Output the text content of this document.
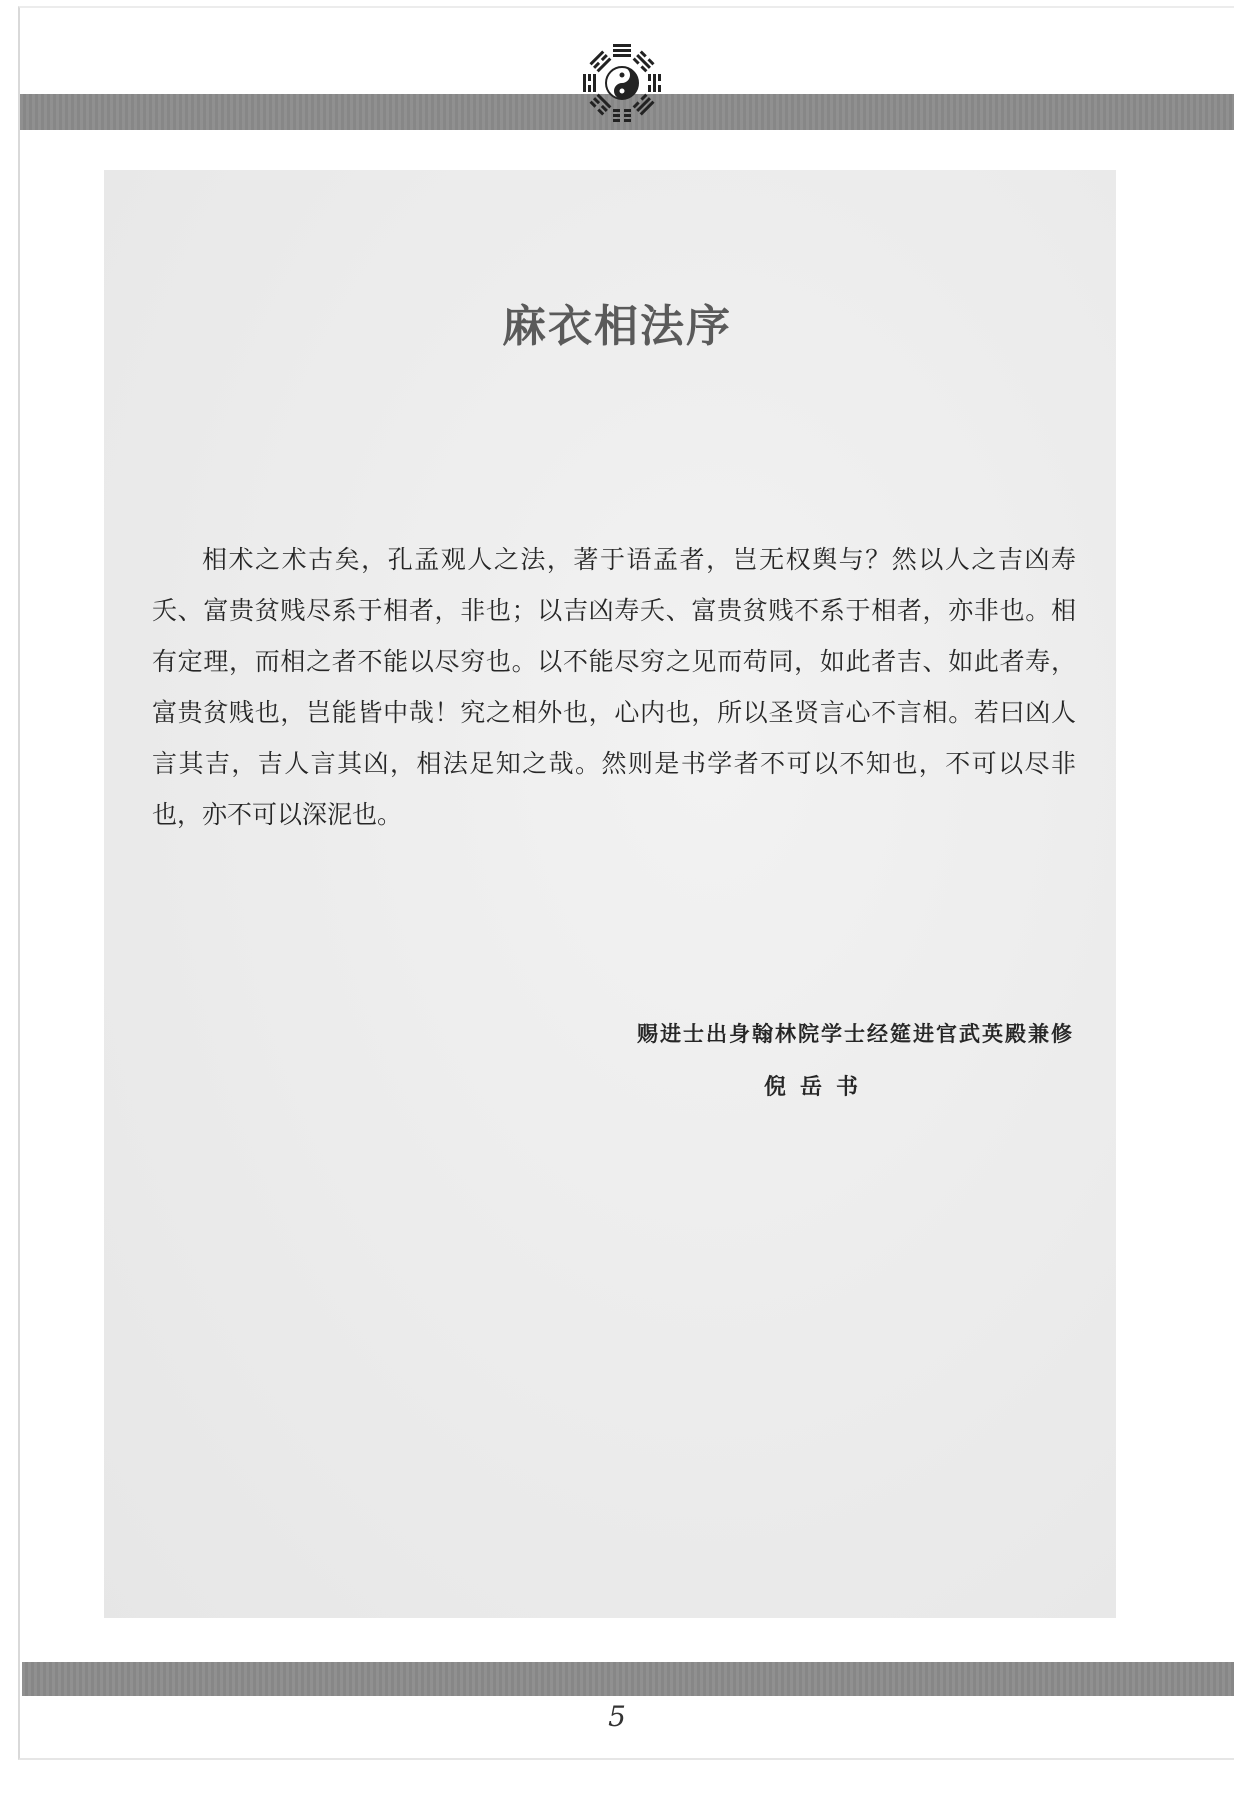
麻衣相法序

相术之术古矣，孔孟观人之法，著于语孟者，岂无权舆与？然以人之吉凶寿夭、富贵贫贱尽系于相者，非也；以吉凶寿夭、富贵贫贱不系于相者，亦非也。相有定理，而相之者不能以尽穷也。以不能尽穷之见而苟同，如此者吉、如此者寿，富贵贫贱也，岂能皆中哉！究之相外也，心内也，所以圣贤言心不言相。若曰凶人言其吉，吉人言其凶，相法足知之哉。然则是书学者不可以不知也，不可以尽非也，亦不可以深泥也。

赐进士出身翰林院学士经筵进官武英殿兼修
倪岳书
5
